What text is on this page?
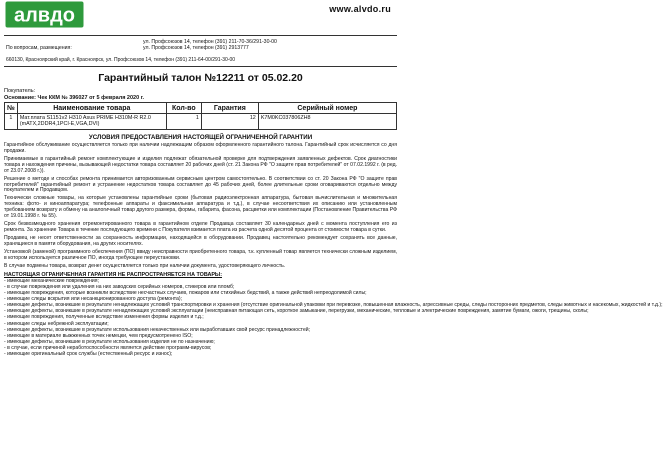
алвдо	www.alvdo.ru
По вопросам, размещения:
ул. Профсоюзов 14, телефон (391) 211-70-36/291-30-00
ул. Профсоюзов 14, телефон (391) 2913777
660130, Красноярский край, г. Красноярск, ул. Профсоюзов 14, телефон (391) 211-64-00/291-30-00
Гарантийный талон №12211 от 05.02.20
Покупатель:
Основание: Чек ККМ № 396027 от 5 февраля 2020 г.
№	Наименование товара	Кол-во	Гарантия	Серийный номер
1	Мат.плата S1151v2 H310 Asus PRIME H310M-R R2.0 (mATX,2DDR4,1PCI-E,VGA,DVI)	1	12	K7M0KC037806ZH8
УСЛОВИЯ ПРЕДОСТАВЛЕНИЯ НАСТОЯЩЕЙ ОГРАНИЧЕННОЙ ГАРАНТИИ

Гарантийное обслуживание осуществляется только при наличии надлежащим образом оформленного гарантийного талона. Гарантийный срок исчисляется со дня продажи.

Принимаемые в гарантийный ремонт комплектующие и изделия подлежат обязательной проверке для подтверждения заявленных дефектов. Срок диагностики товара и нахождения причины, вызывающей недостатки товара составляет 20 рабочих дней (ст. 21 Закона РФ "О защите прав потребителей" от 07.02.1992 г. (в ред. от 23.07.2008 г.)).

Решение о методе и способах ремонта принимается авторизованным сервисным центром самостоятельно. В соответствии со ст. 20 Закона РФ "О защите прав потребителей" гарантийный ремонт и устранение недостатков товара составляет до 45 рабочих дней, более длительные сроки оговариваются отдельно между покупателем и Продавцом.

Технически сложные товары, на которые установлены гарантийные сроки (бытовая радиоэлектронная аппаратура, бытовая вычислительная и множительная техника: фото- и киноаппаратура; телефонные аппараты и факсимильная аппаратура и т.д.), в случае несоответствия их описанию или установленным требованиям возврату и обмену на аналогичный товар другого размера, формы, габарита, фасона, расцветки или комплектации (Постановление Правительства РФ от 19.01.1998 г. № 55).

Срок безвозмездного хранения отремонтированного товара в гарантийном отделе Продавца составляет 30 календарных дней с момента поступления его из ремонта. За хранение Товара в течение последующего времени с Покупателя взимается плата из расчета одной десятой процента от стоимости товара в сутки.

Продавец не несет ответственности за сохранность информации, находящейся в оборудовании. Продавец настоятельно рекомендует сохранять все данные, хранящиеся в памяти оборудования, на других носителях.

Установкой (заменой) программного обеспечения (ПО) ввиду неисправности приобретенного товара, т.к. купленный товар является технически сложным изделием, в котором используется различное ПО, иногда требующее переустановки.

В случае подмены товара, возврат денег осуществляется только при наличии документа, удостоверяющего личность.

НАСТОЯЩАЯ ОГРАНИЧЕННАЯ ГАРАНТИЯ НЕ РАСПРОСТРАНЯЕТСЯ НА ТОВАРЫ:
- имеющие механические повреждения;
- в случае повреждения или удаления на них заводских серийных номеров, стикеров или пломб;
- имеющие повреждения, которые возникли вследствие несчастных случаев, пожаров или стихийных бедствий, а также действий непреодолимой силы;
- имеющие следы вскрытия или несанкционированного доступа (ремонта);
- имеющие дефекты, возникшие в результате ненадлежащих условий транспортировки и хранения (отсутствие оригинальной упаковки при перевозке, повышенная влажность, агрессивные среды, следы посторонних предметов, следы животных и насекомых, жидкостей и т.д.);
- имеющие дефекты, возникшие в результате ненадлежащих условий эксплуатации (неисправная питающая сеть, короткое замыкание, перегрузки, механические, тепловые и электрические повреждения, замятие бумаги, ожоги, трещины, сколы;
- имеющие повреждения, полученные вследствие изменения формы изделия и т.д.;
- имеющие следы небрежной эксплуатации;
- имеющие дефекты, возникшие в результате использования некачественных или выработавших свой ресурс принадлежностей;
- имеющие в материале выжженных точек немецки, чем предусмотренено ISO;
- имеющие дефекты, возникшие в результате использования изделия не по назначению;
- в случае, если причиной неработоспособности является действие программ-вирусов;
- имеющие оригинальный срок службы (естественный ресурс и износ);
